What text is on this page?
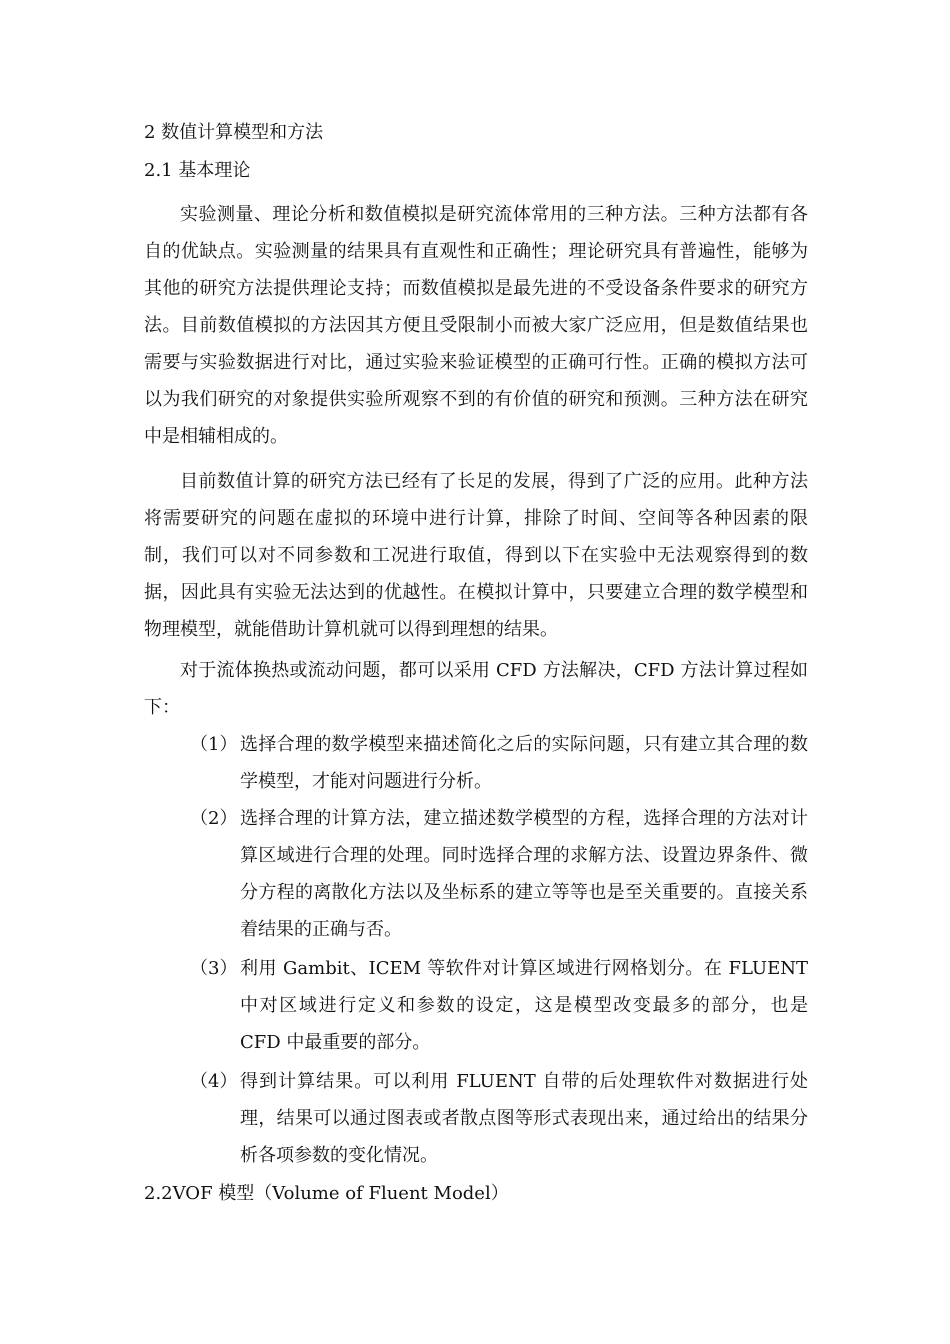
2 数值计算模型和方法
2.1 基本理论

实验测量、理论分析和数值模拟是研究流体常用的三种方法。三种方法都有各自的优缺点。实验测量的结果具有直观性和正确性；理论研究具有普遍性，能够为其他的研究方法提供理论支持；而数值模拟是最先进的不受设备条件要求的研究方法。目前数值模拟的方法因其方便且受限制小而被大家广泛应用，但是数值结果也需要与实验数据进行对比，通过实验来验证模型的正确可行性。正确的模拟方法可以为我们研究的对象提供实验所观察不到的有价值的研究和预测。三种方法在研究中是相辅相成的。

目前数值计算的研究方法已经有了长足的发展，得到了广泛的应用。此种方法将需要研究的问题在虚拟的环境中进行计算，排除了时间、空间等各种因素的限制，我们可以对不同参数和工况进行取值，得到以下在实验中无法观察得到的数据，因此具有实验无法达到的优越性。在模拟计算中，只要建立合理的数学模型和物理模型，就能借助计算机就可以得到理想的结果。

对于流体换热或流动问题，都可以采用 CFD 方法解决，CFD 方法计算过程如下：

（1） 选择合理的数学模型来描述简化之后的实际问题，只有建立其合理的数学模型，才能对问题进行分析。
（2） 选择合理的计算方法，建立描述数学模型的方程，选择合理的方法对计算区域进行合理的处理。同时选择合理的求解方法、设置边界条件、微分方程的离散化方法以及坐标系的建立等等也是至关重要的。直接关系着结果的正确与否。
（3） 利用 Gambit、ICEM 等软件对计算区域进行网格划分。在 FLUENT 中对区域进行定义和参数的设定，这是模型改变最多的部分，也是 CFD 中最重要的部分。
（4） 得到计算结果。可以利用 FLUENT 自带的后处理软件对数据进行处理，结果可以通过图表或者散点图等形式表现出来，通过给出的结果分析各项参数的变化情况。
2.2VOF 模型（Volume of Fluent Model）
